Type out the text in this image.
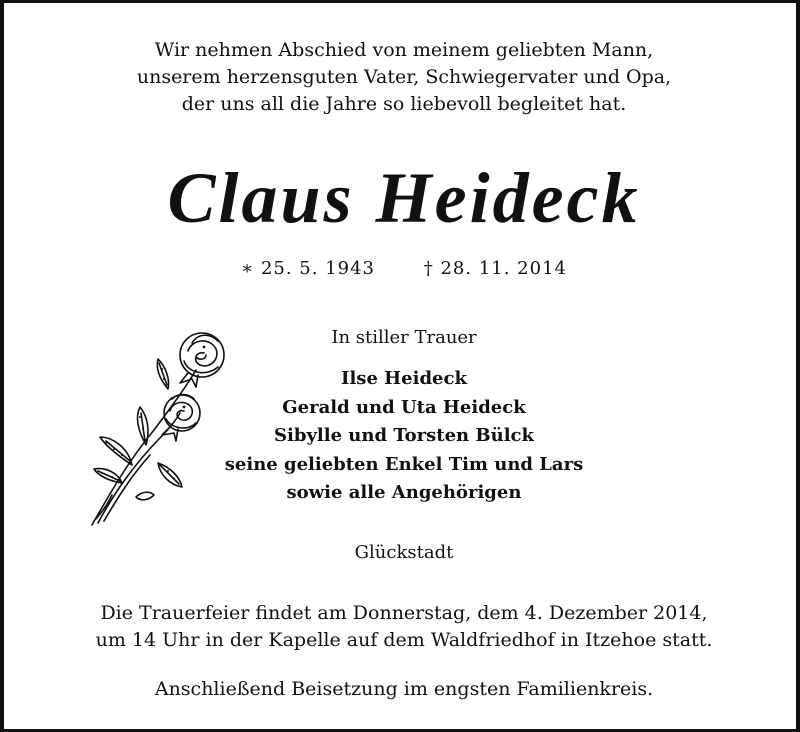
Wir nehmen Abschied von meinem geliebten Mann,
unserem herzensguten Vater, Schwiegervater und Opa,
der uns all die Jahre so liebevoll begleitet hat.
Claus Heideck
∗ 25. 5. 1943	† 28. 11. 2014
In stiller Trauer
Ilse Heideck
Gerald und Uta Heideck
Sibylle und Torsten Bülck
seine geliebten Enkel Tim und Lars
sowie alle Angehörigen
Glückstadt
Die Trauerfeier findet am Donnerstag, dem 4. Dezember 2014,
um 14 Uhr in der Kapelle auf dem Waldfriedhof in Itzehoe statt.
Anschließend Beisetzung im engsten Familienkreis.
